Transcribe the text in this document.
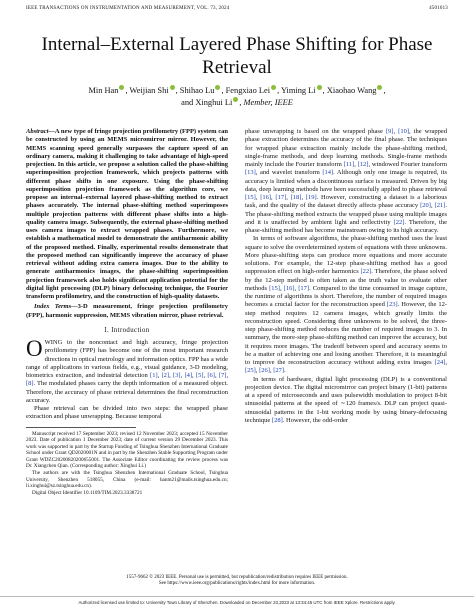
IEEE TRANSACTIONS ON INSTRUMENTATION AND MEASUREMENT, VOL. 73, 2024	4501013
Internal–External Layered Phase Shifting for Phase Retrieval
Min Han , Weijian Shi , Shihao Lu , Fengxiao Lei , Yiming Li , Xiaohao Wang ,
and Xinghui Li , Member, IEEE

Abstract—A new type of fringe projection profilometry (FPP) system can be constructed by using an MEMS micromirror mirror. However, the MEMS scanning speed generally surpasses the capture speed of an ordinary camera, making it challenging to take advantage of high-speed projection. In this article, we propose a solution called the phase-shifting superimposition projection framework, which projects patterns with different phase shifts in one exposure. Using the phase-shifting superimposition projection framework as the algorithm core, we propose an internal–external layered phase-shifting method to extract phases accurately. The internal phase-shifting method superimposes multiple projection patterns with different phase shifts into a high-quality camera image. Subsequently, the external phase-shifting method uses camera images to extract wrapped phases. Furthermore, we establish a mathematical model to demonstrate the antiharmonic ability of the proposed method. Finally, experimental results demonstrate that the proposed method can significantly improve the accuracy of phase retrieval without adding extra camera images. Due to the ability to generate antiharmonics images, the phase-shifting superimposition projection framework also holds significant application potential for the digital light processing (DLP) binary defocusing technique, the Fourier transform profilometry, and the construction of high-quality datasets.

Index Terms—3-D measurement, fringe projection profilometry (FPP), harmonic suppression, MEMS vibration mirror, phase retrieval.

I. Introduction

OWING to the noncontact and high accuracy, fringe projection profilometry (FPP) has become one of the most important research directions in optical metrology and information optics. FPP has a wide range of applications in various fields, e.g., visual guidance, 3-D modeling, biometrics extraction, and industrial detection [1], [2], [3], [4], [5], [6], [7], [8]. The modulated phases carry the depth information of a measured object. Therefore, the accuracy of phase retrieval determines the final reconstruction accuracy.

Phase retrieval can be divided into two steps: the wrapped phase extraction and phase unwrapping. Because temporal

Manuscript received 17 September 2023; revised 12 November 2023; accepted 15 November 2023. Date of publication 1 December 2023; date of current version 29 December 2023. This work was supported in part by the Startup Funding of Tsinghua Shenzhen International Graduate School under Grant QD2020001N and in part by the Shenzhen Stable Supporting Program under Grant WDZC20200820200655001. The Associate Editor coordinating the review process was Dr. Xiangchen Qian. (Corresponding author: Xinghui Li.)

The authors are with the Tsinghua Shenzhen International Graduate School, Tsinghua University, Shenzhen 518055, China (e-mail: hanm21@mails.tsinghua.edu.cn; li.xinghui@sz.tsinghua.edu.cn).

Digital Object Identifier 10.1109/TIM.2023.3338721

phase unwrapping is based on the wrapped phase [9], [10], the wrapped phase extraction determines the accuracy of the final phase. The techniques for wrapped phase extraction mainly include the phase-shifting method, single-frame methods, and deep learning methods. Single-frame methods mainly include the Fourier transform [11], [12], windowed Fourier transform [13], and wavelet transform [14]. Although only one image is required, its accuracy is limited when a discontinuous surface is measured. Driven by big data, deep learning methods have been successfully applied to phase retrieval [15], [16], [17], [18], [19]. However, constructing a dataset is a laborious task, and the quality of the dataset directly affects phase accuracy [20], [21]. The phase-shifting method extracts the wrapped phase using multiple images and it is unaffected by ambient light and reflectivity [22]. Therefore, the phase-shifting method has become mainstream owing to its high accuracy.

In terms of software algorithms, the phase-shifting method uses the least square to solve the overdetermined system of equations with three unknowns. More phase-shifting steps can produce more equations and more accurate solutions. For example, the 12-step phase-shifting method has a good suppression effect on high-order harmonics [22]. Therefore, the phase solved by the 12-step method is often taken as the truth value to evaluate other methods [15], [16], [17]. Compared to the time consumed in image capture, the runtime of algorithms is short. Therefore, the number of required images becomes a crucial factor for the reconstruction speed [23]. However, the 12-step method requires 12 camera images, which greatly limits the reconstruction speed. Considering three unknowns to be solved, the three-step phase-shifting method reduces the number of required images to 3. In summary, the more-step phase-shifting method can improve the accuracy, but it requires more images. The tradeoff between speed and accuracy seems to be a matter of achieving one and losing another. Therefore, it is meaningful to improve the reconstruction accuracy without adding extra images [24], [25], [26], [27].

In terms of hardware, digital light processing (DLP) is a conventional projection device. The digital micromirror can project binary (1-bit) patterns at a speed of microseconds and uses pulsewidth modulation to project 8-bit sinusoidal patterns at the speed of ∼120 frames/s. DLP can project quasi-sinusoidal patterns in the 1-bit working mode by using binary-defocusing technique [28]. However, the odd-order

1557-9662 © 2023 IEEE. Personal use is permitted, but republication/redistribution requires IEEE permission.
See https://www.ieee.org/publications/rights/index.html for more information.
Authorized licensed use limited to: University Town Library of Shenzhen. Downloaded on December 23,2023 at 13:34:45 UTC from IEEE Xplore. Restrictions apply.
